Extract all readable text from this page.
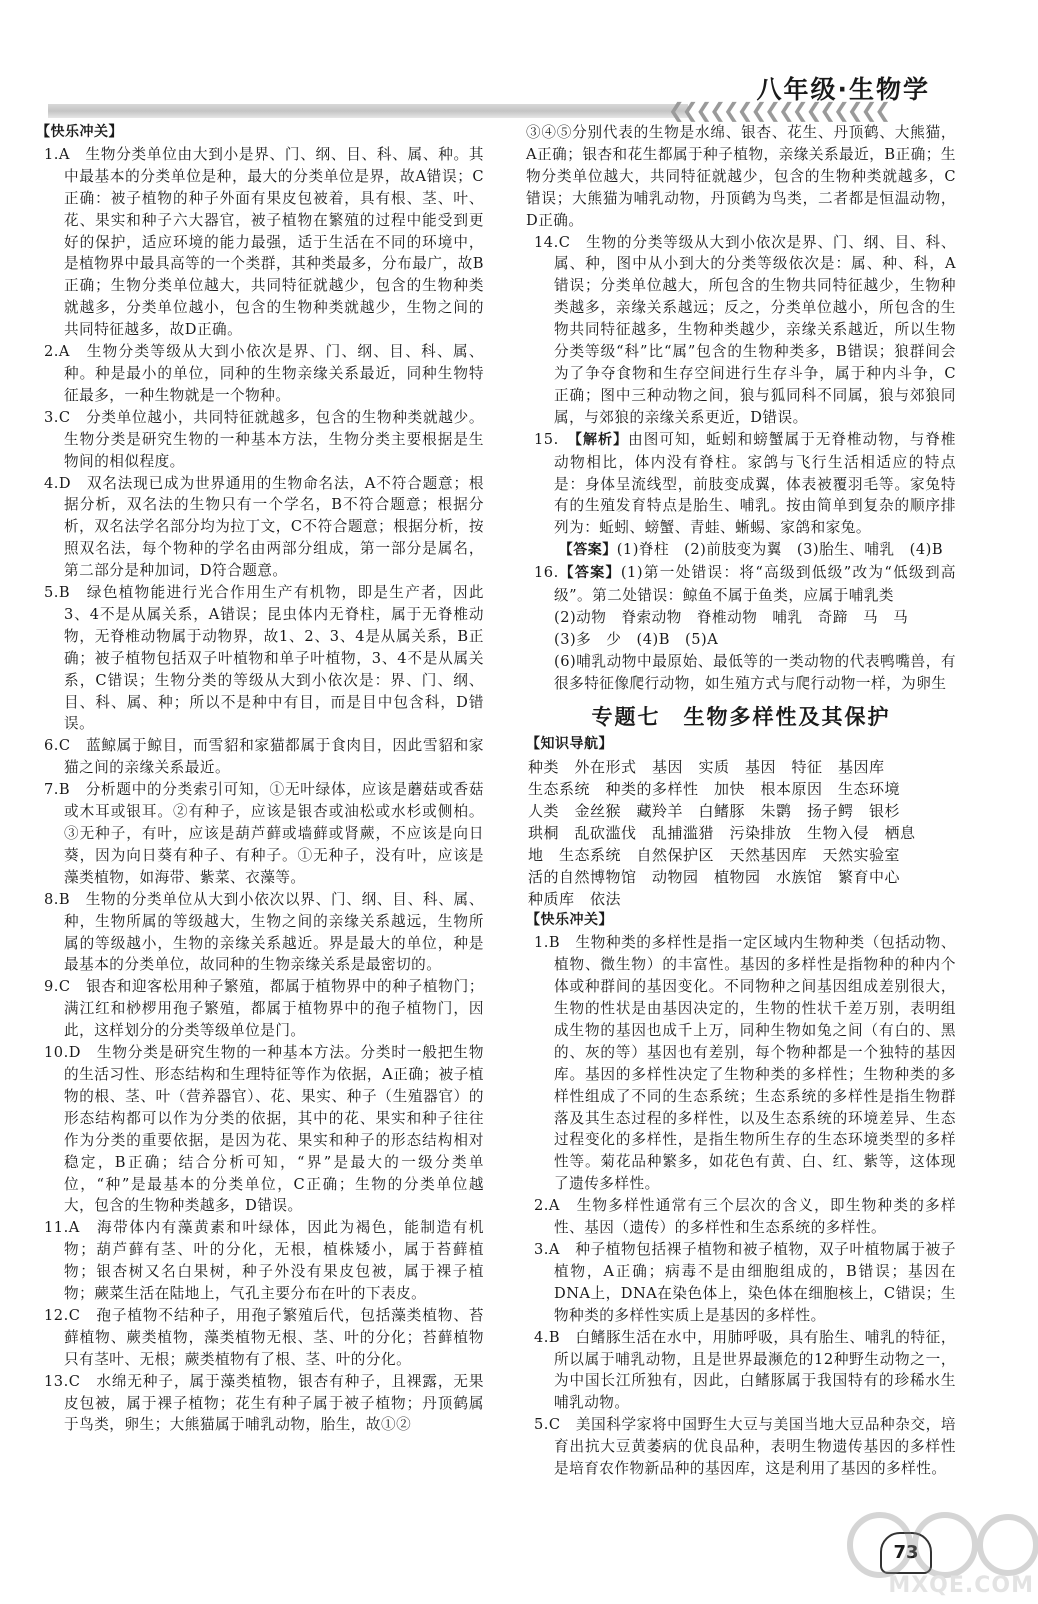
八年级·生物学
❮❮❮❮❮❮❮❮❮❮❮❮❮❮❮❮

【快乐冲关】

1.A　 生物分类单位由大到小是界、门、纲、目、科、属、种。其中最基本的分类单位是种，最大的分类单位是界，故A错误；C正确：被子植物的种子外面有果皮包被着，具有根、茎、叶、花、果实和种子六大器官，被子植物在繁殖的过程中能受到更好的保护，适应环境的能力最强，适于生活在不同的环境中，是植物界中最具高等的一个类群，其种类最多，分布最广，故B正确；生物分类单位越大，共同特征就越少，包含的生物种类就越多，分类单位越小，包含的生物种类就越少，生物之间的共同特征越多，故D正确。

2.A　 生物分类等级从大到小依次是界、门、纲、目、科、属、种。种是最小的单位，同种的生物亲缘关系最近，同种生物特征最多，一种生物就是一个物种。

3.C　 分类单位越小，共同特征就越多，包含的生物种类就越少。生物分类是研究生物的一种基本方法，生物分类主要根据是生物间的相似程度。

4.D　 双名法现已成为世界通用的生物命名法，A不符合题意；根据分析，双名法的生物只有一个学名，B不符合题意；根据分析，双名法学名部分均为拉丁文，C不符合题意；根据分析，按照双名法，每个物种的学名由两部分组成，第一部分是属名，第二部分是种加词，D符合题意。

5.B　 绿色植物能进行光合作用生产有机物，即是生产者，因此3、4不是从属关系，A错误；昆虫体内无脊柱，属于无脊椎动物，无脊椎动物属于动物界，故1、2、3、4是从属关系，B正确；被子植物包括双子叶植物和单子叶植物，3、4不是从属关系，C错误；生物分类的等级从大到小依次是：界、门、纲、目、科、属、种；所以不是种中有目，而是目中包含科，D错误。

6.C　 蓝鲸属于鲸目，而雪貂和家猫都属于食肉目，因此雪貂和家猫之间的亲缘关系最近。

7.B　 分析题中的分类索引可知，①无叶绿体，应该是蘑菇或香菇或木耳或银耳。②有种子，应该是银杏或油松或水杉或侧柏。③无种子，有叶，应该是葫芦藓或墙藓或肾蕨，不应该是向日葵，因为向日葵有种子、有种子。①无种子，没有叶，应该是藻类植物，如海带、紫菜、衣藻等。

8.B　 生物的分类单位从大到小依次以界、门、纲、目、科、属、种，生物所属的等级越大，生物之间的亲缘关系越远，生物所属的等级越小，生物的亲缘关系越近。界是最大的单位，种是最基本的分类单位，故同种的生物亲缘关系是最密切的。

9.C　 银杏和迎客松用种子繁殖，都属于植物界中的种子植物门；满江红和桫椤用孢子繁殖，都属于植物界中的孢子植物门，因此，这样划分的分类等级单位是门。

10.D　 生物分类是研究生物的一种基本方法。分类时一般把生物的生活习性、形态结构和生理特征等作为依据，A正确；被子植物的根、茎、叶（营养器官）、花、果实、种子（生殖器官）的形态结构都可以作为分类的依据，其中的花、果实和种子往往作为分类的重要依据，是因为花、果实和种子的形态结构相对稳定，B正确；结合分析可知，“界”是最大的一级分类单位，“种”是最基本的分类单位，C正确；生物的分类单位越大，包含的生物种类越多，D错误。

11.A　 海带体内有藻黄素和叶绿体，因此为褐色，能制造有机物；葫芦藓有茎、叶的分化，无根，植株矮小，属于苔藓植物；银杏树又名白果树，种子外没有果皮包被，属于裸子植物；蕨菜生活在陆地上，气孔主要分布在叶的下表皮。

12.C　 孢子植物不结种子，用孢子繁殖后代，包括藻类植物、苔藓植物、蕨类植物，藻类植物无根、茎、叶的分化；苔藓植物只有茎叶、无根；蕨类植物有了根、茎、叶的分化。

13.C　 水绵无种子，属于藻类植物，银杏有种子，且裸露，无果皮包被，属于裸子植物；花生有种子属于被子植物；丹顶鹤属于鸟类，卵生；大熊猫属于哺乳动物，胎生，故①②

③④⑤分别代表的生物是水绵、银杏、花生、丹顶鹤、大熊猫，A正确；银杏和花生都属于种子植物，亲缘关系最近，B正确；生物分类单位越大，共同特征就越少，包含的生物种类就越多，C错误；大熊猫为哺乳动物，丹顶鹤为鸟类，二者都是恒温动物，D正确。

14.C　 生物的分类等级从大到小依次是界、门、纲、目、科、属、种，图中从小到大的分类等级依次是：属、种、科，A错误；分类单位越大，所包含的生物共同特征越少，生物种类越多，亲缘关系越远；反之，分类单位越小，所包含的生物共同特征越多，生物种类越少，亲缘关系越近，所以生物分类等级“科”比“属”包含的生物种类多，B错误；狼群间会为了争夺食物和生存空间进行生存斗争，属于种内斗争，C正确；图中三种动物之间，狼与狐同科不同属，狼与郊狼同属，与郊狼的亲缘关系更近，D错误。

15.　 【解析】由图可知，蚯蚓和螃蟹属于无脊椎动物，与脊椎动物相比，体内没有脊柱。家鸽与飞行生活相适应的特点是：身体呈流线型，前肢变成翼，体表被覆羽毛等。家兔特有的生殖发育特点是胎生、哺乳。按由简单到复杂的顺序排列为：蚯蚓、螃蟹、青蛙、蜥蜴、家鸽和家兔。

【答案】(1)脊柱　(2)前肢变为翼　(3)胎生、哺乳　(4)B

16.【答案】(1)第一处错误：将“高级到低级”改为“低级到高级”。第二处错误：鲸鱼不属于鱼类，应属于哺乳类

(2)动物　脊索动物　脊椎动物　哺乳　奇蹄　马　马

(3)多　少　(4)B　(5)A

(6)哺乳动物中最原始、最低等的一类动物的代表鸭嘴兽，有很多特征像爬行动物，如生殖方式与爬行动物一样，为卵生

专题七　生物多样性及其保护

【知识导航】

种类　外在形式　基因　实质　基因　特征　基因库

生态系统　种类的多样性　加快　根本原因　生态环境

人类　金丝猴　藏羚羊　白鳍豚　朱鹮　扬子鳄　银杉

珙桐　乱砍滥伐　乱捕滥猎　污染排放　生物入侵　栖息

地　生态系统　自然保护区　天然基因库　天然实验室

活的自然博物馆　动物园　植物园　水族馆　繁育中心

种质库　依法

【快乐冲关】

1.B　 生物种类的多样性是指一定区域内生物种类（包括动物、植物、微生物）的丰富性。基因的多样性是指物种的种内个体或种群间的基因变化。不同物种之间基因组成差别很大，生物的性状是由基因决定的，生物的性状千差万别，表明组成生物的基因也成千上万，同种生物如兔之间（有白的、黑的、灰的等）基因也有差别，每个物种都是一个独特的基因库。基因的多样性决定了生物种类的多样性；生物种类的多样性组成了不同的生态系统；生态系统的多样性是指生物群落及其生态过程的多样性，以及生态系统的环境差异、生态过程变化的多样性，是指生物所生存的生态环境类型的多样性等。菊花品种繁多，如花色有黄、白、红、紫等，这体现了遗传多样性。

2.A　 生物多样性通常有三个层次的含义，即生物种类的多样性、基因（遗传）的多样性和生态系统的多样性。

3.A　 种子植物包括裸子植物和被子植物，双子叶植物属于被子植物，A正确；病毒不是由细胞组成的，B错误；基因在DNA上，DNA在染色体上，染色体在细胞核上，C错误；生物种类的多样性实质上是基因的多样性。

4.B　 白鳍豚生活在水中，用肺呼吸，具有胎生、哺乳的特征，所以属于哺乳动物，且是世界最濒危的12种野生动物之一，为中国长江所独有，因此，白鳍豚属于我国特有的珍稀水生哺乳动物。

5.C　 美国科学家将中国野生大豆与美国当地大豆品种杂交，培育出抗大豆黄萎病的优良品种，表明生物遗传基因的多样性是培育农作物新品种的基因库，这是利用了基因的多样性。

73
MXQE.COM
